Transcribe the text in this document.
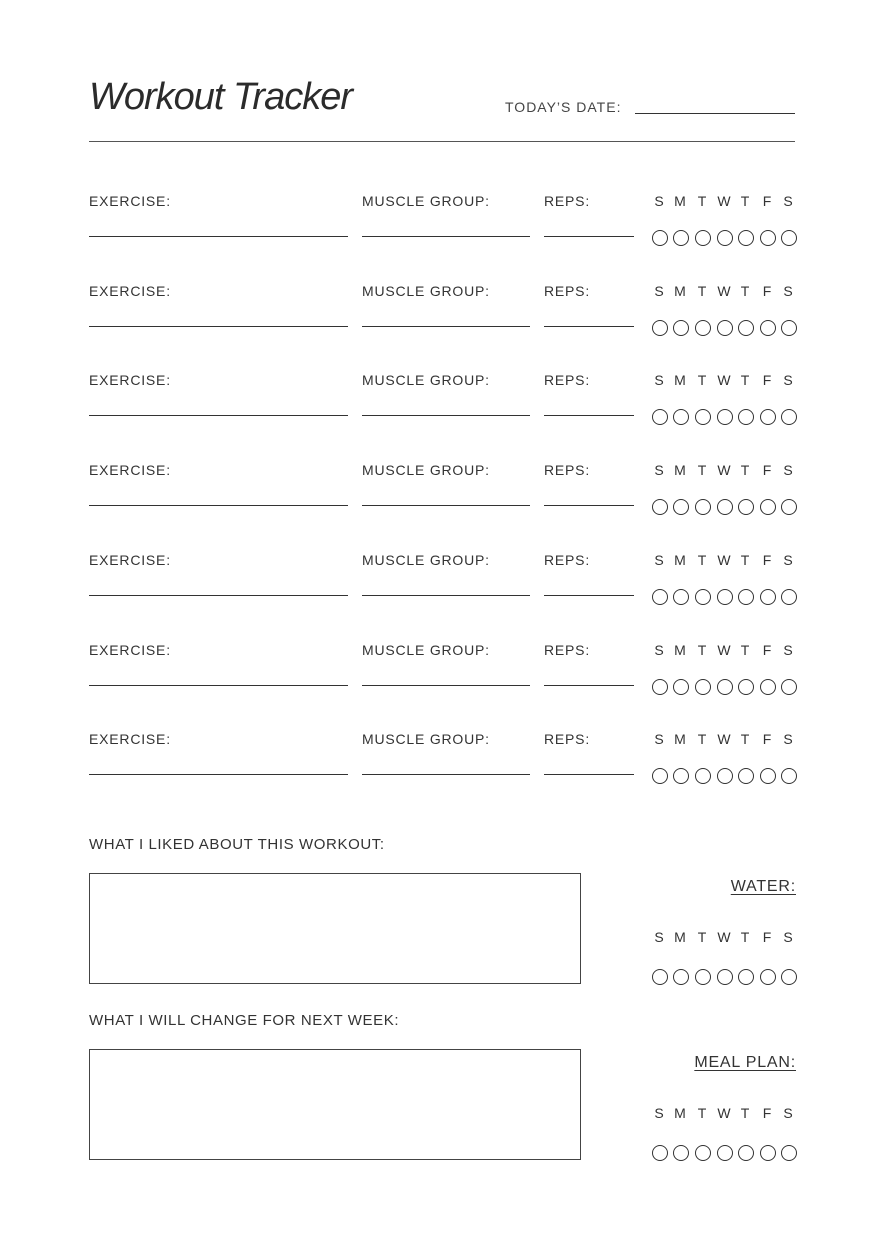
Workout Tracker	TODAY’S DATE:
EXERCISE:	MUSCLE GROUP:	REPS:	S M T W T F S
EXERCISE:	MUSCLE GROUP:	REPS:	S M T W T F S
EXERCISE:	MUSCLE GROUP:	REPS:	S M T W T F S
EXERCISE:	MUSCLE GROUP:	REPS:	S M T W T F S
EXERCISE:	MUSCLE GROUP:	REPS:	S M T W T F S
EXERCISE:	MUSCLE GROUP:	REPS:	S M T W T F S
EXERCISE:	MUSCLE GROUP:	REPS:	S M T W T F S
WHAT I LIKED ABOUT THIS WORKOUT:
WHAT I WILL CHANGE FOR NEXT WEEK:
WATER:
S M T W T F S
MEAL PLAN:
S M T W T F S
